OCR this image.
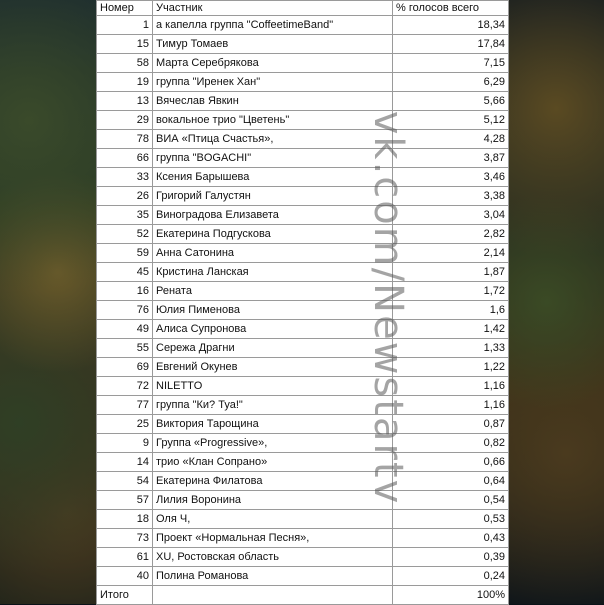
Номер	Участник	% голосов всего
1	а капелла группа "CoffeetimeBand"	18,34
15	Тимур Томаев	17,84
58	Марта Серебрякова	7,15
19	группа "Иренек Хан"	6,29
13	Вячеслав Явкин	5,66
29	вокальное трио "Цветень"	5,12
78	ВИА «Птица Счастья»,	4,28
66	группа "BOGACHI"	3,87
33	Ксения Барышева	3,46
26	Григорий Галустян	3,38
35	Виноградова Елизавета	3,04
52	Екатерина Подгускова	2,82
59	Анна Сатонина	2,14
45	Кристина Ланская	1,87
16	Рената	1,72
76	Юлия Пименова	1,6
49	Алиса Супронова	1,42
55	Сережа Драгни	1,33
69	Евгений Окунев	1,22
72	NILETTO	1,16
77	группа "Ки? Туа!"	1,16
25	Виктория Тарощина	0,87
9	Группа «Progressive»,	0,82
14	трио «Клан Сопрано»	0,66
54	Екатерина Филатова	0,64
57	Лилия Воронина	0,54
18	Оля Ч,	0,53
73	Проект «Нормальная Песня»,	0,43
61	XU, Ростовская область	0,39
40	Полина Романова	0,24
Итого		100%
vk.com/Newstartv
